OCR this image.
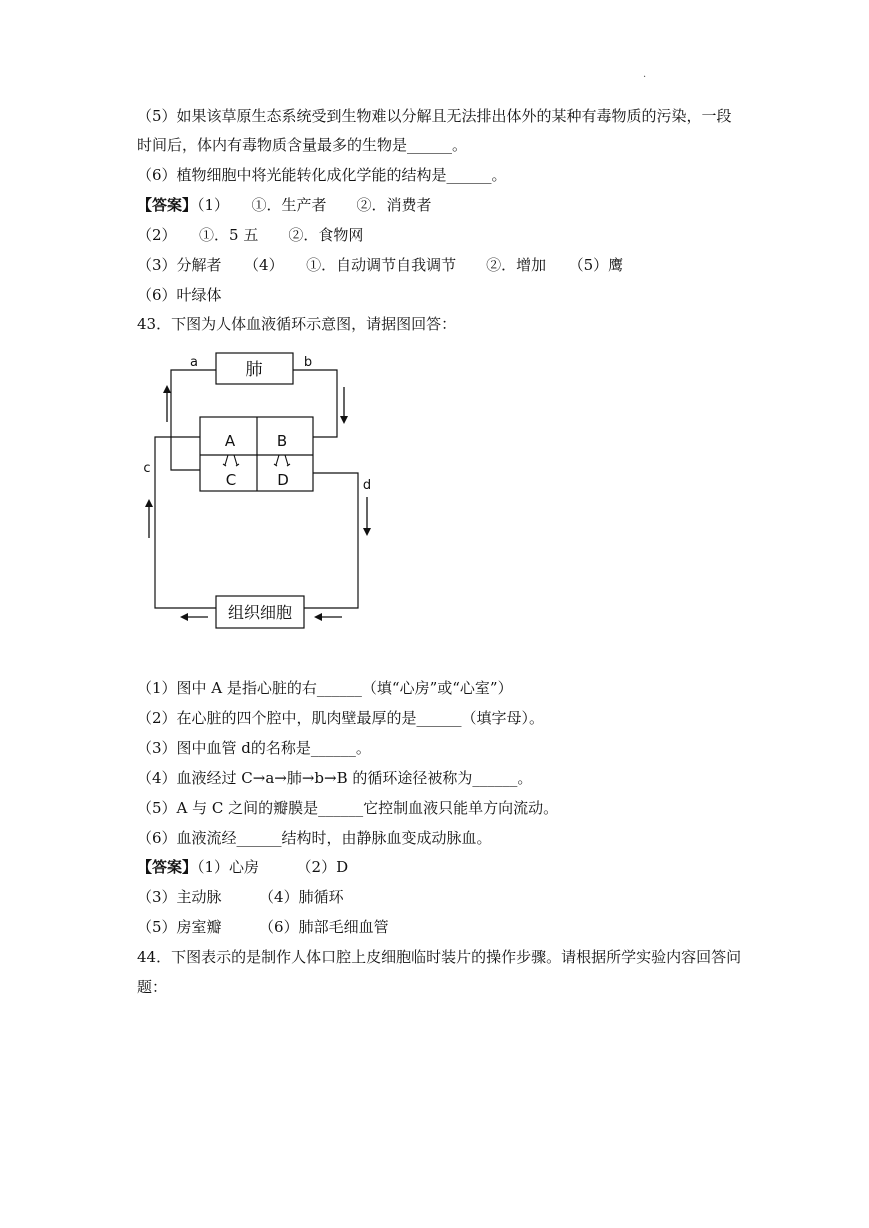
·
（5）如果该草原生态系统受到生物难以分解且无法排出体外的某种有毒物质的污染，一段
时间后，体内有毒物质含量最多的生物是______。
（6）植物细胞中将光能转化成化学能的结构是______。
【答案】（1）　　①．生产者　　②．消费者
（2）　　①．5 五　　②．食物网
（3）分解者　　（4）　　①．自动调节自我调节　　②．增加　　（5）鹰
（6）叶绿体
43．下图为人体血液循环示意图，请据图回答：
肺
A	B
C	D
a	b
d
组织细胞
c
（1）图中 A 是指心脏的右______（填“心房”或“心室”）
（2）在心脏的四个腔中，肌肉壁最厚的是______（填字母）。
（3）图中血管 d的名称是______。
（4）血液经过 C→a→肺→b→B 的循环途径被称为______。
（5）A 与 C 之间的瓣膜是______它控制血液只能单方向流动。
（6）血液流经______结构时，由静脉血变成动脉血。
【答案】（1）心房　　　（2）D
（3）主动脉　　　（4）肺循环
（5）房室瓣　　　（6）肺部毛细血管
44．下图表示的是制作人体口腔上皮细胞临时装片的操作步骤。请根据所学实验内容回答问
题：
